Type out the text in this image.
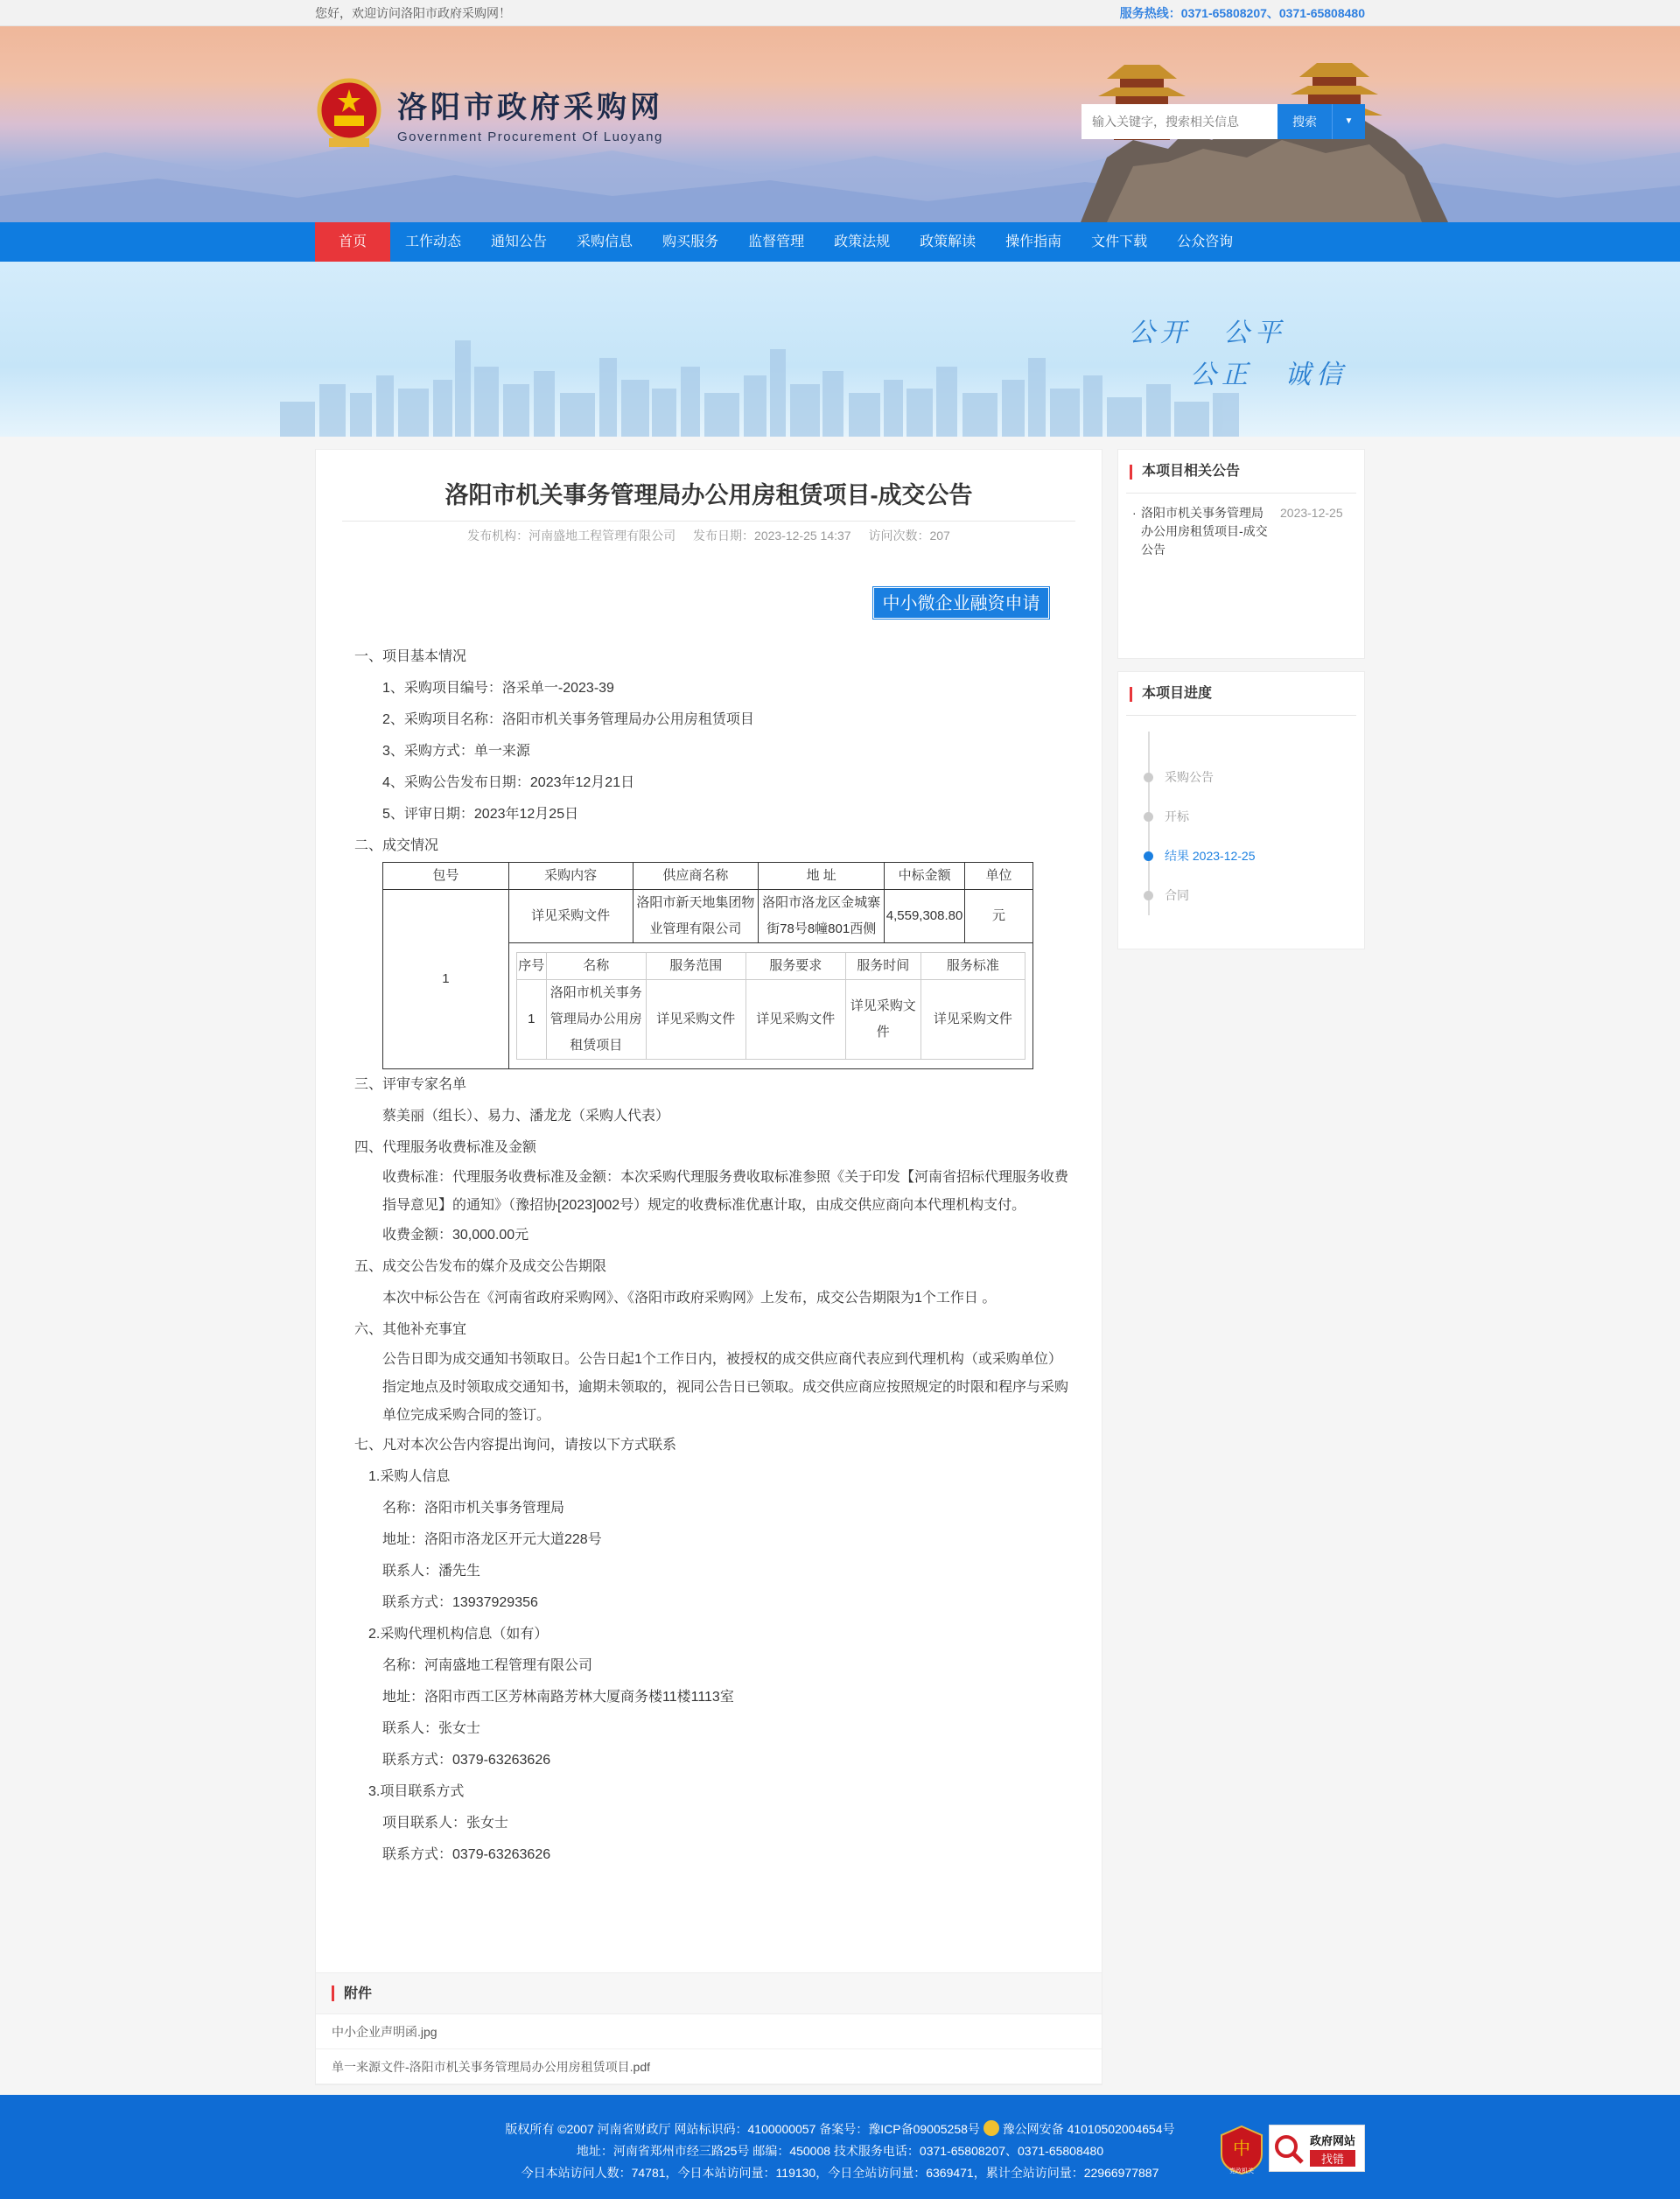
您好，欢迎访问洛阳市政府采购网！	服务热线：0371-65808207、0371-65808480
洛阳市政府采购网
Government Procurement Of Luoyang
输入关键字，搜索相关信息
搜索	▼
首页	工作动态	通知公告	采购信息	购买服务	监督管理	政策法规	政策解读	操作指南	文件下载	公众咨询
公开　公平
公正　诚信
洛阳市机关事务管理局办公用房租赁项目-成交公告
发布机构：河南盛地工程管理有限公司 发布日期：2023-12-25 14:37 访问次数：207
中小微企业融资申请
一、项目基本情况
1、采购项目编号：洛采单一-2023-39
2、采购项目名称：洛阳市机关事务管理局办公用房租赁项目
3、采购方式：单一来源
4、采购公告发布日期：2023年12月21日
5、评审日期：2023年12月25日
二、成交情况
包号	采购内容	供应商名称	地 址	中标金额	单位
1	详见采购文件	洛阳市新天地集团物业管理有限公司	洛阳市洛龙区金城寨街78号8幢801西侧	4,559,308.80	元

序号	名称	服务范围	服务要求	服务时间	服务标准
1	洛阳市机关事务管理局办公用房租赁项目	详见采购文件	详见采购文件	详见采购文件	详见采购文件
三、评审专家名单
蔡美丽（组长）、易力、潘龙龙（采购人代表）
四、代理服务收费标准及金额
收费标准：代理服务收费标准及金额：本次采购代理服务费收取标准参照《关于印发【河南省招标代理服务收费指导意见】的通知》（豫招协[2023]002号）规定的收费标准优惠计取，由成交供应商向本代理机构支付。
收费金额：30,000.00元
五、成交公告发布的媒介及成交公告期限
本次中标公告在《河南省政府采购网》、《洛阳市政府采购网》上发布，成交公告期限为1个工作日 。
六、其他补充事宜
公告日即为成交通知书领取日。公告日起1个工作日内，被授权的成交供应商代表应到代理机构（或采购单位）指定地点及时领取成交通知书，逾期未领取的，视同公告日已领取。成交供应商应按照规定的时限和程序与采购单位完成采购合同的签订。
七、凡对本次公告内容提出询问，请按以下方式联系
1.采购人信息
名称：洛阳市机关事务管理局
地址：洛阳市洛龙区开元大道228号
联系人：潘先生
联系方式：13937929356
2.采购代理机构信息（如有）
名称：河南盛地工程管理有限公司
地址：洛阳市西工区芳林南路芳林大厦商务楼11楼1113室
联系人：张女士
联系方式：0379-63263626
3.项目联系方式
项目联系人：张女士
联系方式：0379-63263626
附件
中小企业声明函.jpg
单一来源文件-洛阳市机关事务管理局办公用房租赁项目.pdf
本项目相关公告
· 洛阳市机关事务管理局办公用房租赁项目-成交公告
2023-12-25
本项目进度
采购公告
开标
结果 2023-12-25
合同
版权所有 ©2007 河南省财政厅 网站标识码：4100000057 备案号：豫ICP备09005258号 豫公网安备 41010502004654号
地址：河南省郑州市经三路25号 邮编：450008 技术服务电话：0371-65808207、0371-65808480
今日本站访问人数：74781，今日本站访问量：119130，今日全站访问量：6369471，累计全站访问量：22966977887
中
党政机关
政府网站
找错
